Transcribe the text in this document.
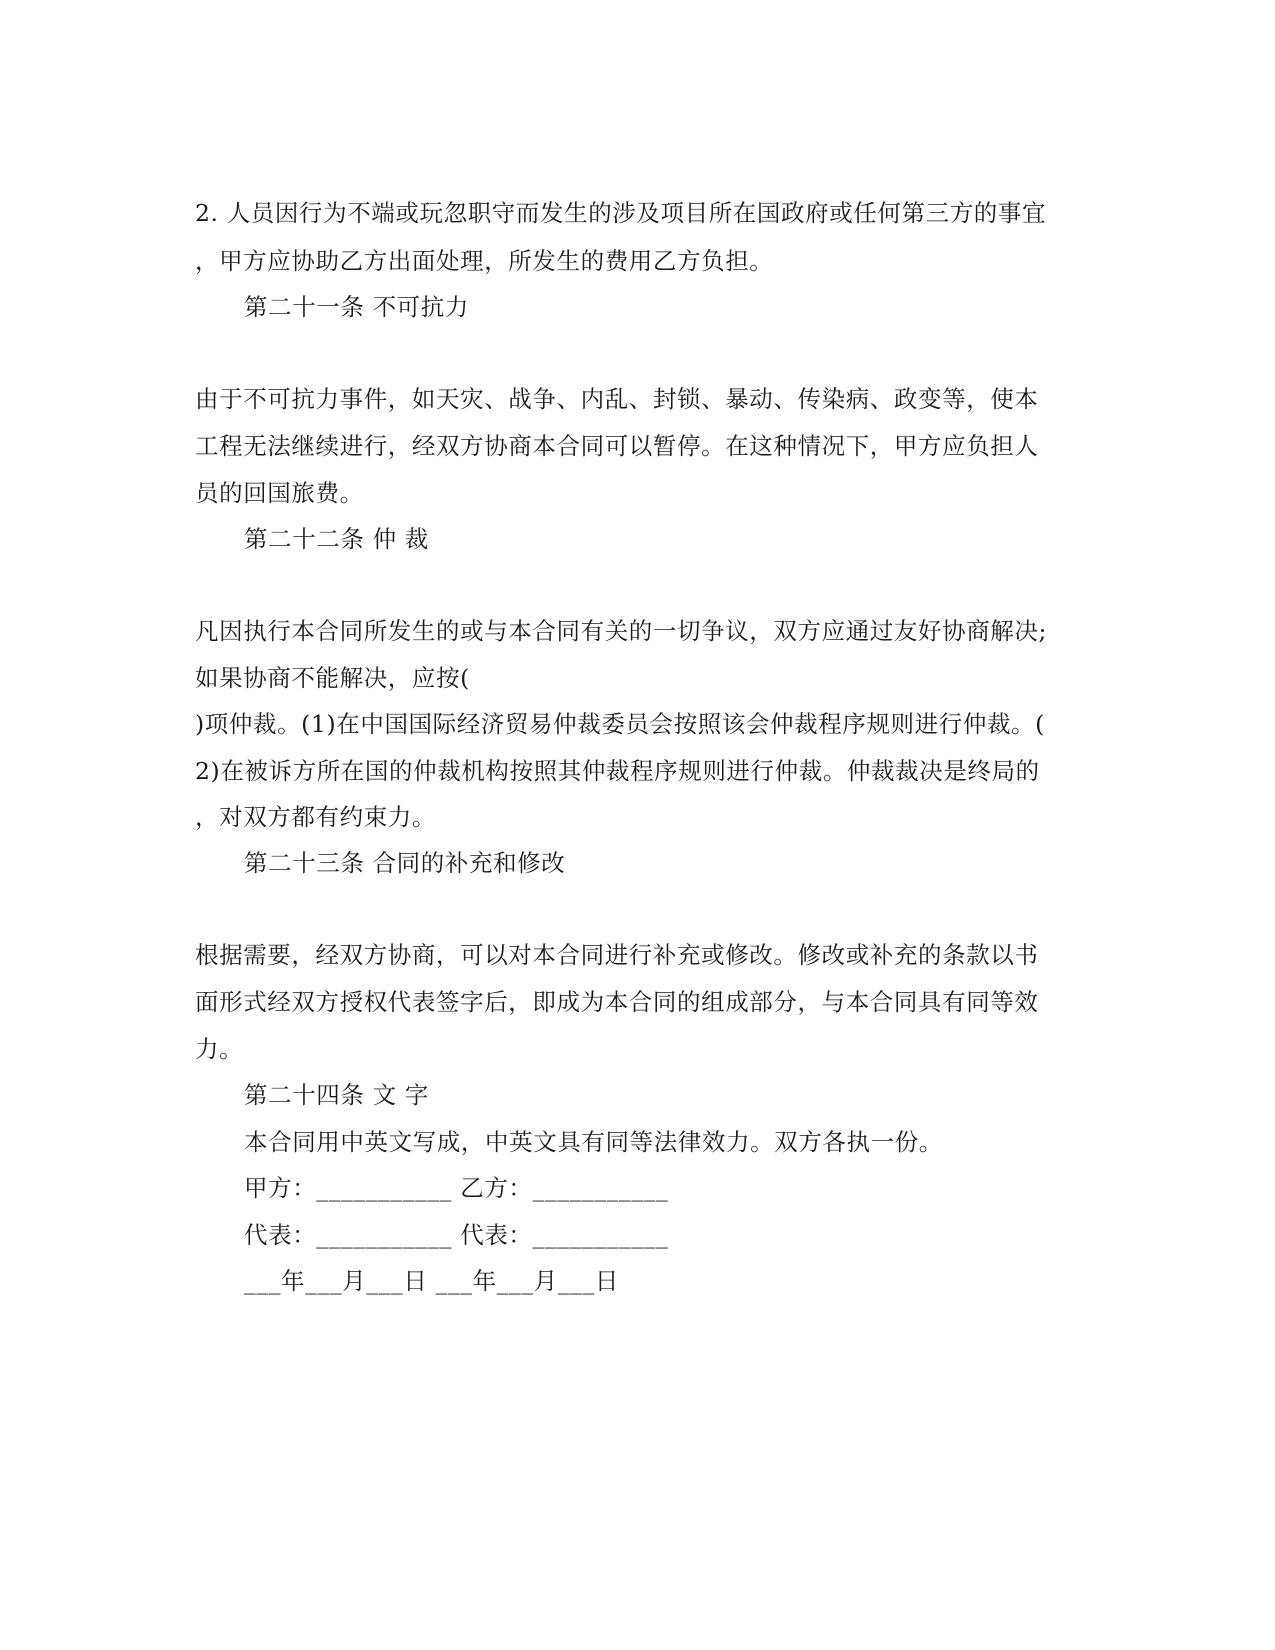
2. 人员因行为不端或玩忽职守而发生的涉及项目所在国政府或任何第三方的事宜
，甲方应协助乙方出面处理，所发生的费用乙方负担。
第二十一条 不可抗力
由于不可抗力事件，如天灾、战争、内乱、封锁、暴动、传染病、政变等，使本
工程无法继续进行，经双方协商本合同可以暂停。在这种情况下，甲方应负担人
员的回国旅费。
第二十二条 仲 裁
凡因执行本合同所发生的或与本合同有关的一切争议，双方应通过友好协商解决;
如果协商不能解决，应按(
)项仲裁。(1)在中国国际经济贸易仲裁委员会按照该会仲裁程序规则进行仲裁。(
2)在被诉方所在国的仲裁机构按照其仲裁程序规则进行仲裁。仲裁裁决是终局的
，对双方都有约束力。
第二十三条 合同的补充和修改
根据需要，经双方协商，可以对本合同进行补充或修改。修改或补充的条款以书
面形式经双方授权代表签字后，即成为本合同的组成部分，与本合同具有同等效
力。
第二十四条 文 字
本合同用中英文写成，中英文具有同等法律效力。双方各执一份。
甲方：___________ 乙方：___________
代表：___________ 代表：___________
___年___月___日 ___年___月___日
